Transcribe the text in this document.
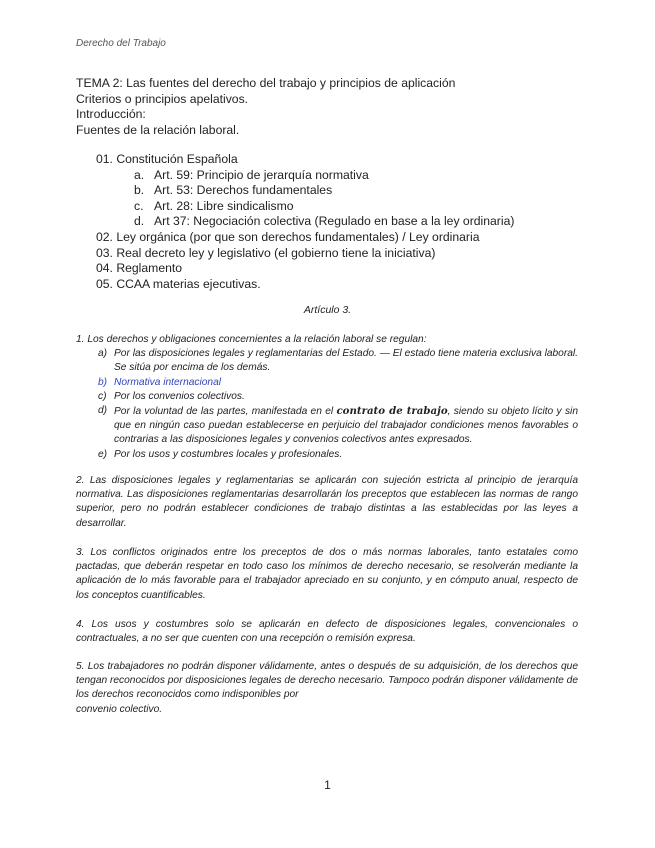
Derecho del Trabajo
TEMA 2: Las fuentes del derecho del trabajo y principios de aplicación
Criterios o principios apelativos.
Introducción:
Fuentes de la relación laboral.
01. Constitución Española
a. Art. 59: Principio de jerarquía normativa
b. Art. 53: Derechos fundamentales
c. Art. 28: Libre sindicalismo
d. Art 37: Negociación colectiva (Regulado en base a la ley ordinaria)
02. Ley orgánica (por que son derechos fundamentales) / Ley ordinaria
03. Real decreto ley y legislativo (el gobierno tiene la iniciativa)
04. Reglamento
05. CCAA materias ejecutivas.
Artículo 3.
1. Los derechos y obligaciones concernientes a la relación laboral se regulan:
a) Por las disposiciones legales y reglamentarias del Estado. — El estado tiene materia exclusiva laboral. Se sitúa por encima de los demás.
b) Normativa internacional
c) Por los convenios colectivos.
d) Por la voluntad de las partes, manifestada en el contrato de trabajo, siendo su objeto lícito y sin que en ningún caso puedan establecerse en perjuicio del trabajador condiciones menos favorables o contrarias a las disposiciones legales y convenios colectivos antes expresados.
e) Por los usos y costumbres locales y profesionales.
2. Las disposiciones legales y reglamentarias se aplicarán con sujeción estricta al principio de jerarquía normativa. Las disposiciones reglamentarias desarrollarán los preceptos que establecen las normas de rango superior, pero no podrán establecer condiciones de trabajo distintas a las establecidas por las leyes a desarrollar.
3. Los conflictos originados entre los preceptos de dos o más normas laborales, tanto estatales como pactadas, que deberán respetar en todo caso los mínimos de derecho necesario, se resolverán mediante la aplicación de lo más favorable para el trabajador apreciado en su conjunto, y en cómputo anual, respecto de los conceptos cuantificables.
4. Los usos y costumbres solo se aplicarán en defecto de disposiciones legales, convencionales o contractuales, a no ser que cuenten con una recepción o remisión expresa.
5. Los trabajadores no podrán disponer válidamente, antes o después de su adquisición, de los derechos que tengan reconocidos por disposiciones legales de derecho necesario. Tampoco podrán disponer válidamente de los derechos reconocidos como indisponibles por
convenio colectivo.
1
